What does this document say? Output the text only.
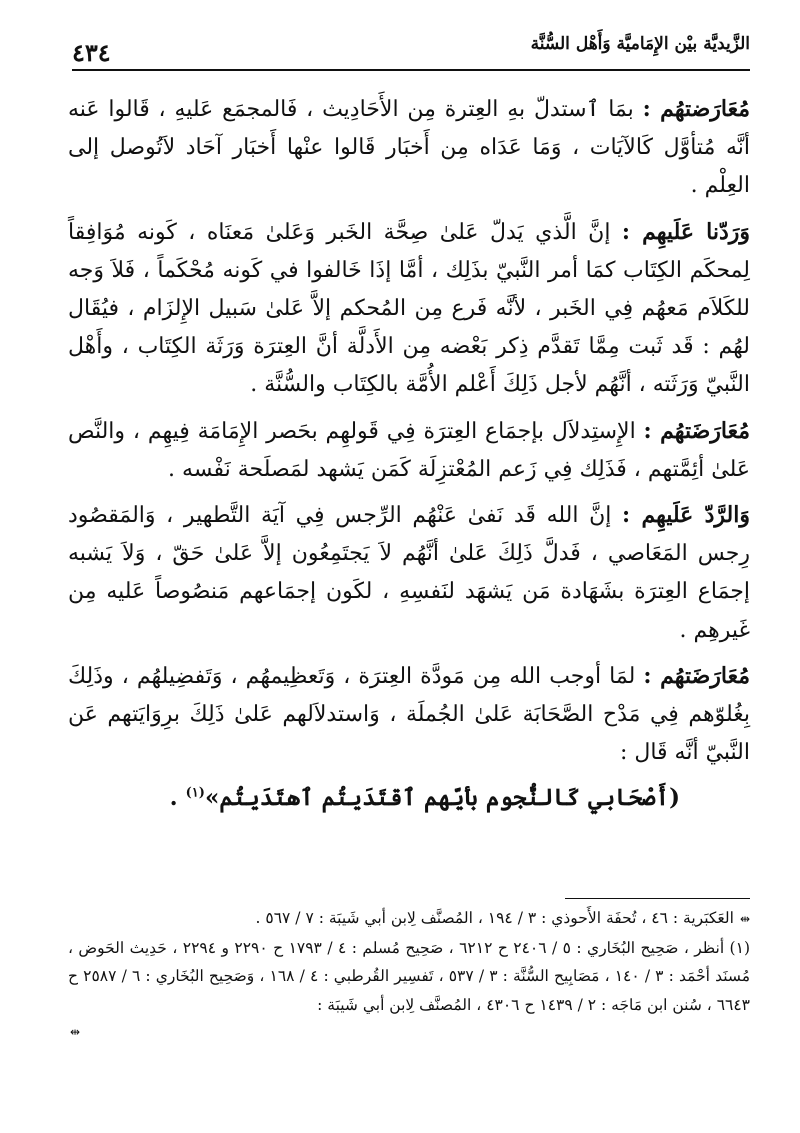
الزَّيديَّة بيْن الإِمَاميَّة وَأَهْل السُّنَّة
٤٣٤

مُعَارَضتهُم : بمَا ٱستدلّ بهِ العِترة مِن الأَحَادِيث ، فَالمجمَع عَليهِ ، قَالوا عَنه أنَّه مُتأوَّل كَالآيَات ، وَمَا عَدَاه مِن أَخبَار قَالوا عنْها أَخبَار آحَاد لاَتُوصل إلى العِلْم .

وَرَدّنا عَلَيهِم : إنَّ الَّذي يَدلّ عَلىٰ صِحَّة الخَبر وَعَلىٰ مَعنَاه ، كَونه مُوَافِقاً لِمحكَم الكِتَاب كمَا أمر النَّبيّ بذَلِك ، أمَّا إذَا خَالفوا في كَونه مُحْكَماً ، فَلاَ وَجه للكَلاَم مَعهُم فِي الخَبر ، لأنَّه فَرع مِن المُحكم إلاَّ عَلىٰ سَبيل الإِلزَام ، فيُقَال لهُم : قَد ثَبت مِمَّا تَقدَّم ذِكر بَعْضه مِن الأَدلَّة أنَّ العِترَة وَرَثَة الكِتَاب ، وأَهْل النَّبيّ وَرَثَته ، أنَّهُم لأجل ذَلِكَ أَعْلم الأُمَّة بالكِتَاب والسُّنَّة .

مُعَارَضَتهُم : الإِستِدلاَل بإجمَاع العِترَة فِي قَولهِم بحَصر الإِمَامَة فِيهِم ، والنَّص عَلىٰ أئِمَّتهم ، فَذَلِك فِي زَعم المُعْتزِلَة كَمَن يَشهد لمَصلَحة نَفْسه .

وَالرَّدّ عَلَيهِم : إنَّ الله قَد نَفىٰ عَنْهُم الرِّجس فِي آيَة التَّطهير ، وَالمَقصُود رِجس المَعَاصي ، فَدلَّ ذَلِكَ عَلىٰ أنَّهُم لاَ يَجتَمِعُون إلاَّ عَلىٰ حَقّ ، وَلاَ يَشبه إجمَاع العِترَة بشَهَادة مَن يَشهَد لنَفسِهِ ، لكَون إجمَاعهم مَنصُوصاً عَليه مِن غَيرهِم .

مُعَارَضَتهُم : لمَا أوجب الله مِن مَودَّة العِترَة ، وَتَعظِيمهُم ، وَتَفضِيلهُم ، وذَلِكَ بِغُلوّهم فِي مَدْح الصَّحَابَة عَلىٰ الجُملَة ، وَاستدلاَلهم عَلىٰ ذَلِكَ برِوَايَتهم عَن النَّبيّ أنَّه قَال :

(أَصْحَابي كَالنُّجوم بأيّهم ٱقتَدَيتُم ٱهتَدَيتُم»$^{(١)}$ .

⇹العَكبَرية : ٤٦ ، تُحفَة الأَحوذي : ٣ / ١٩٤ ، المُصنَّف لِابن أبي شَيبَة : ٧ / ٥٦٧ .

(١) أنظر ، صَحِيح البُخَاري : ٥ / ٢٤٠٦ ح ٦٢١٢ ، صَحِيح مُسلم : ٤ / ١٧٩٣ ح ٢٢٩٠ و ٢٢٩٤ ، حَدِيث الحَوض ، مُسنَد أحْمَد : ٣ / ١٤٠ ، مَصَابِيح السُّنَّة : ٣ / ٥٣٧ ، تَفسِير القُرطبي : ٤ / ١٦٨ ، وَصَحِيح البُخَاري : ٦ / ٢٥٨٧ ح ٦٦٤٣ ، سُنن ابن مَاجَه : ٢ / ١٤٣٩ ح ٤٣٠٦ ، المُصنَّف لِابن أبي شَيبَة :

⇹
